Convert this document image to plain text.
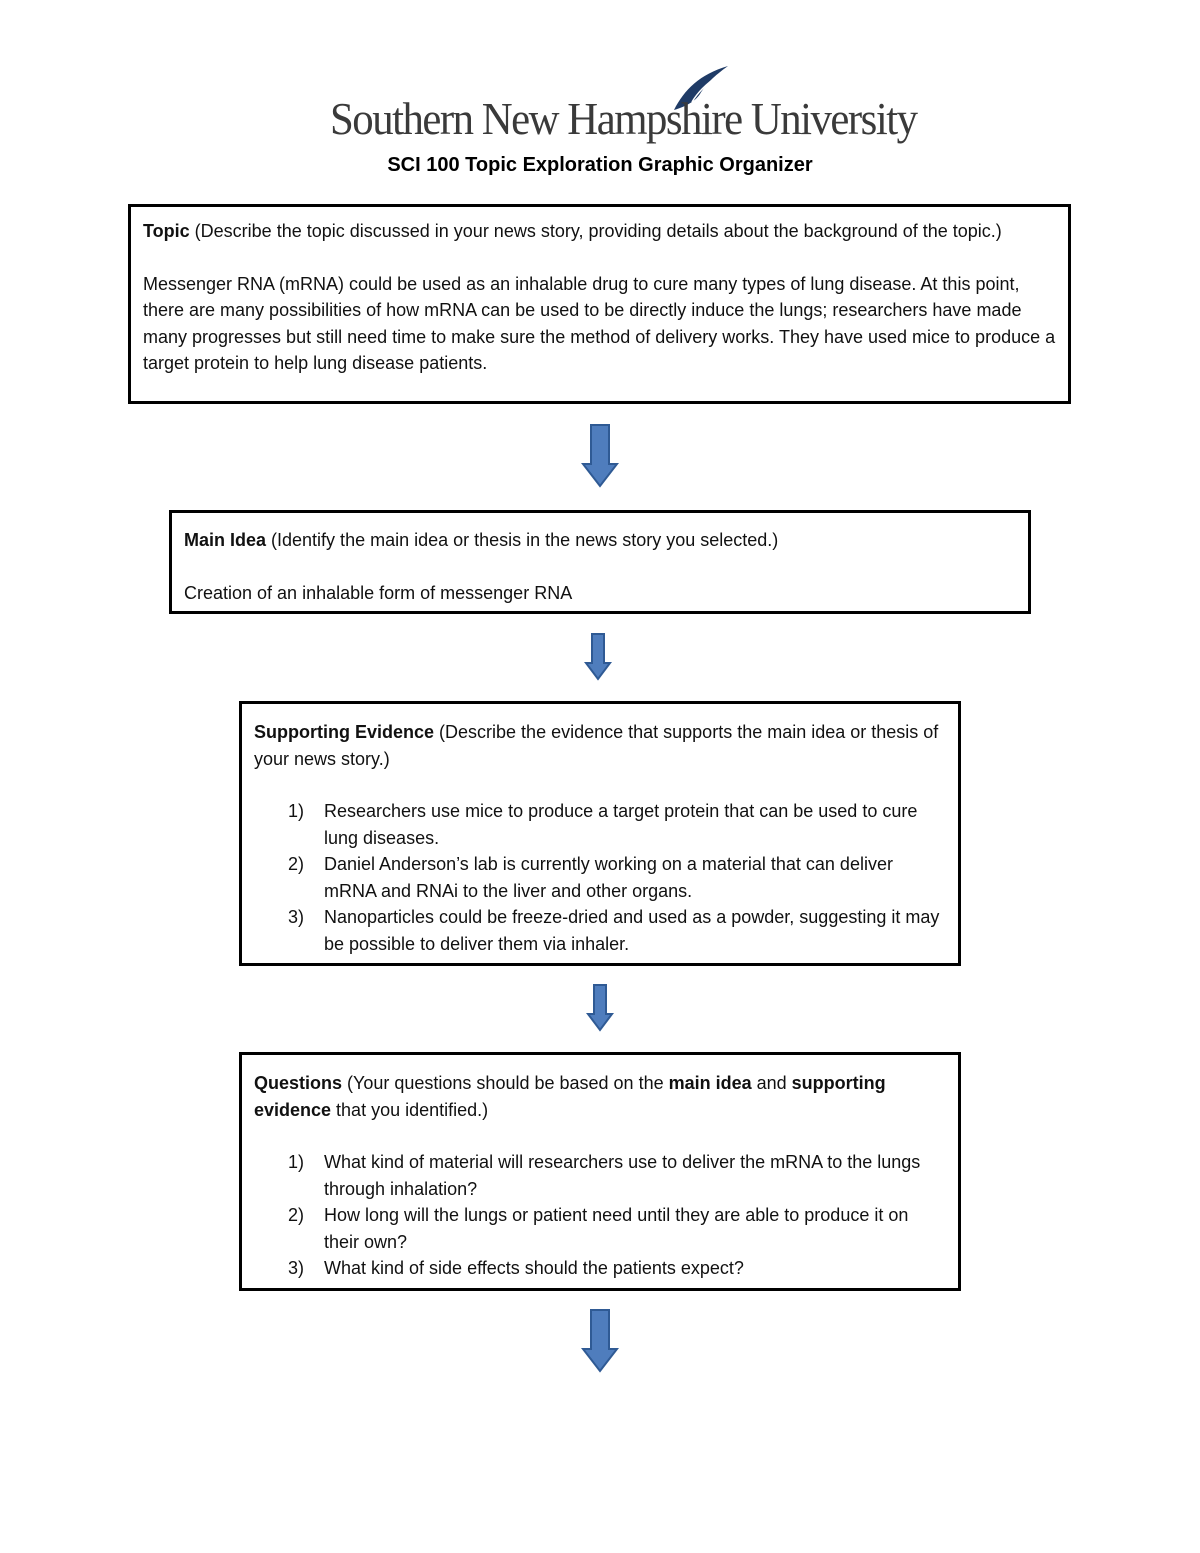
Southern New Hampshire University
SCI 100 Topic Exploration Graphic Organizer

Topic (Describe the topic discussed in your news story, providing details about the background of the topic.)

Messenger RNA (mRNA) could be used as an inhalable drug to cure many types of lung disease. At this point, there are many possibilities of how mRNA can be used to be directly induce the lungs; researchers have made many progresses but still need time to make sure the method of delivery works. They have used mice to produce a target protein to help lung disease patients.

Main Idea (Identify the main idea or thesis in the news story you selected.)

Creation of an inhalable form of messenger RNA

Supporting Evidence (Describe the evidence that supports the main idea or thesis of your news story.)

1) Researchers use mice to produce a target protein that can be used to cure lung diseases.
2) Daniel Anderson’s lab is currently working on a material that can deliver mRNA and RNAi to the liver and other organs.
3) Nanoparticles could be freeze-dried and used as a powder, suggesting it may be possible to deliver them via inhaler.

Questions (Your questions should be based on the main idea and supporting evidence that you identified.)

1) What kind of material will researchers use to deliver the mRNA to the lungs through inhalation?
2) How long will the lungs or patient need until they are able to produce it on their own?
3) What kind of side effects should the patients expect?
